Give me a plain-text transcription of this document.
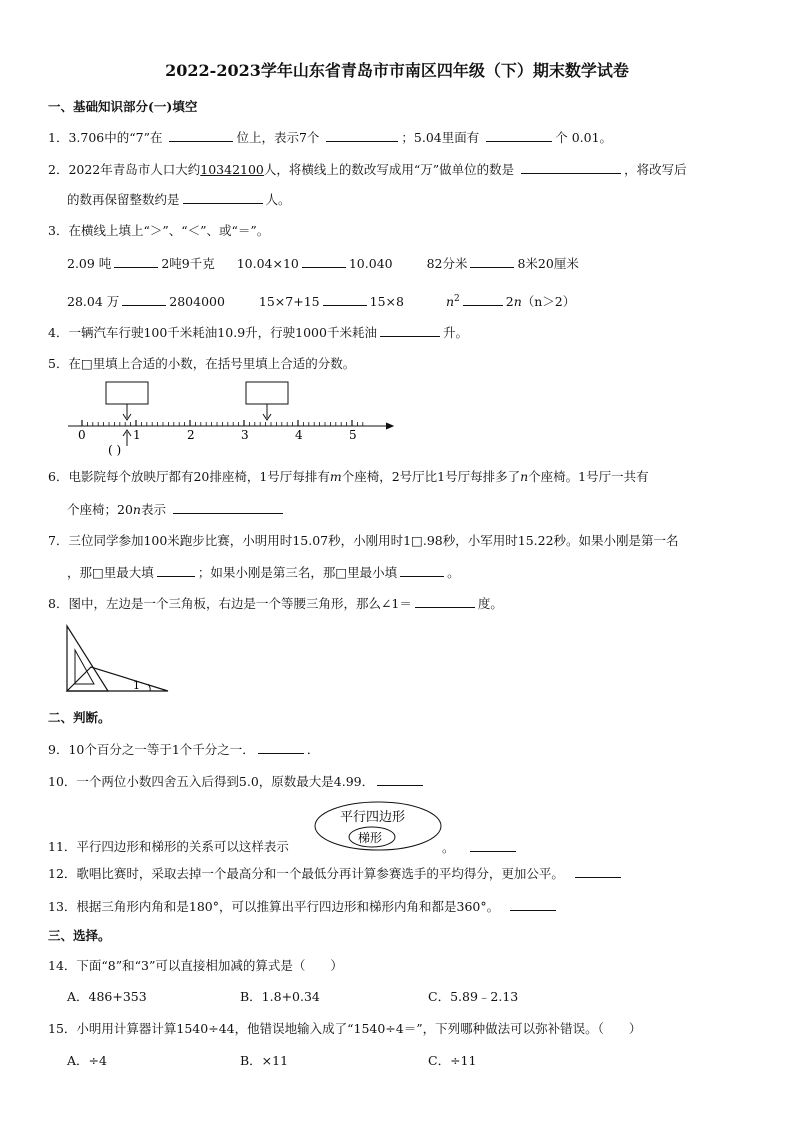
2022-2023学年山东省青岛市市南区四年级（下）期末数学试卷
一、基础知识部分(一)填空
1．3.706中的“7”在	位上，表示7个	；5.04里面有	个 0.01。
2．2022年青岛市人口大约10342100人，将横线上的数改写成用“万”做单位的数是	，将改写后
的数再保留整数约是	人。
3．在横线上填上“＞”、“＜”、或“＝”。
2.09 吨	2吨9千克 10.04×10	10.040	82分米	8米20厘米
28.04 万	2804000	15×7+15	15×8	$n^2$	2n（n＞2）
4．一辆汽车行驶100千米耗油10.9升，行驶1000千米耗油	升。
5．在□里填上合适的小数，在括号里填上合适的分数。
0	1	2	3	4	5
( )
6．电影院每个放映厅都有20排座椅，1号厅每排有m个座椅，2号厅比1号厅每排多了n个座椅。1号厅一共有
个座椅；20n表示
7．三位同学参加100米跑步比赛，小明用时15.07秒，小刚用时1□.98秒，小军用时15.22秒。如果小刚是第一名
，那□里最大填	；如果小刚是第三名，那□里最小填	。
8．图中，左边是一个三角板，右边是一个等腰三角形，那么∠1＝	度。
1
二、判断。
9．10个百分之一等于1个千分之一．	．
10．一个两位小数四舍五入后得到5.0，原数最大是4.99．
平行四边形
梯形
11．平行四边形和梯形的关系可以这样表示	。
12．歌唱比赛时，采取去掉一个最高分和一个最低分再计算参赛选手的平均得分，更加公平。
13．根据三角形内角和是180°，可以推算出平行四边形和梯形内角和都是360°。
三、选择。
14．下面“8”和“3”可以直接相加减的算式是（　　）
A．486+353	B．1.8+0.34	C．5.89﹣2.13
15．小明用计算器计算1540÷44，他错误地输入成了“1540÷4＝”，下列哪种做法可以弥补错误。（　　）
A．÷4	B．×11	C．÷11
